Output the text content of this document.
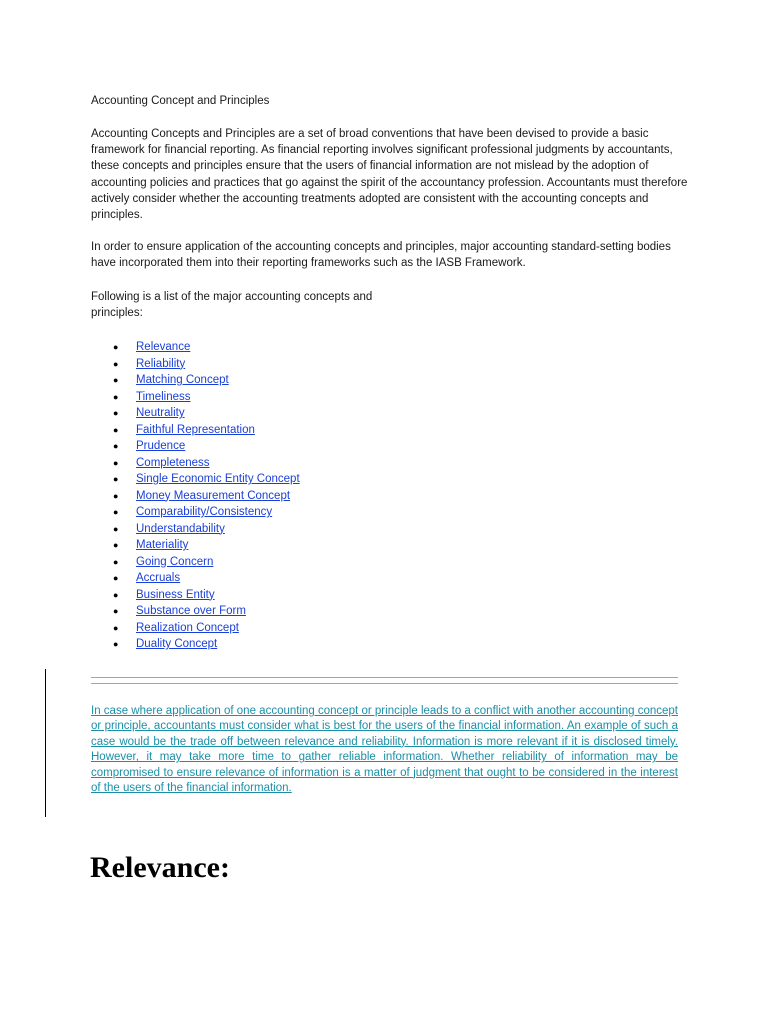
Accounting Concept and Principles

Accounting Concepts and Principles are a set of broad conventions that have been devised to provide a basic framework for financial reporting. As financial reporting involves significant professional judgments by accountants, these concepts and principles ensure that the users of financial information are not mislead by the adoption of accounting policies and practices that go against the spirit of the accountancy profession. Accountants must therefore actively consider whether the accounting treatments adopted are consistent with the accounting concepts and principles.

In order to ensure application of the accounting concepts and principles, major accounting standard-setting bodies have incorporated them into their reporting frameworks such as the IASB Framework.

Following is a list of the major accounting concepts and principles:

● Relevance
● Reliability
● Matching Concept
● Timeliness
● Neutrality
● Faithful Representation
● Prudence
● Completeness
● Single Economic Entity Concept
● Money Measurement Concept
● Comparability/Consistency
● Understandability
● Materiality
● Going Concern
● Accruals
● Business Entity
● Substance over Form
● Realization Concept
● Duality Concept

In case where application of one accounting concept or principle leads to a conflict with another accounting concept or principle, accountants must consider what is best for the users of the financial information. An example of such a case would be the trade off between relevance and reliability. Information is more relevant if it is disclosed timely. However, it may take more time to gather reliable information. Whether reliability of information may be compromised to ensure relevance of information is a matter of judgment that ought to be considered in the interest of the users of the financial information.

Relevance:
